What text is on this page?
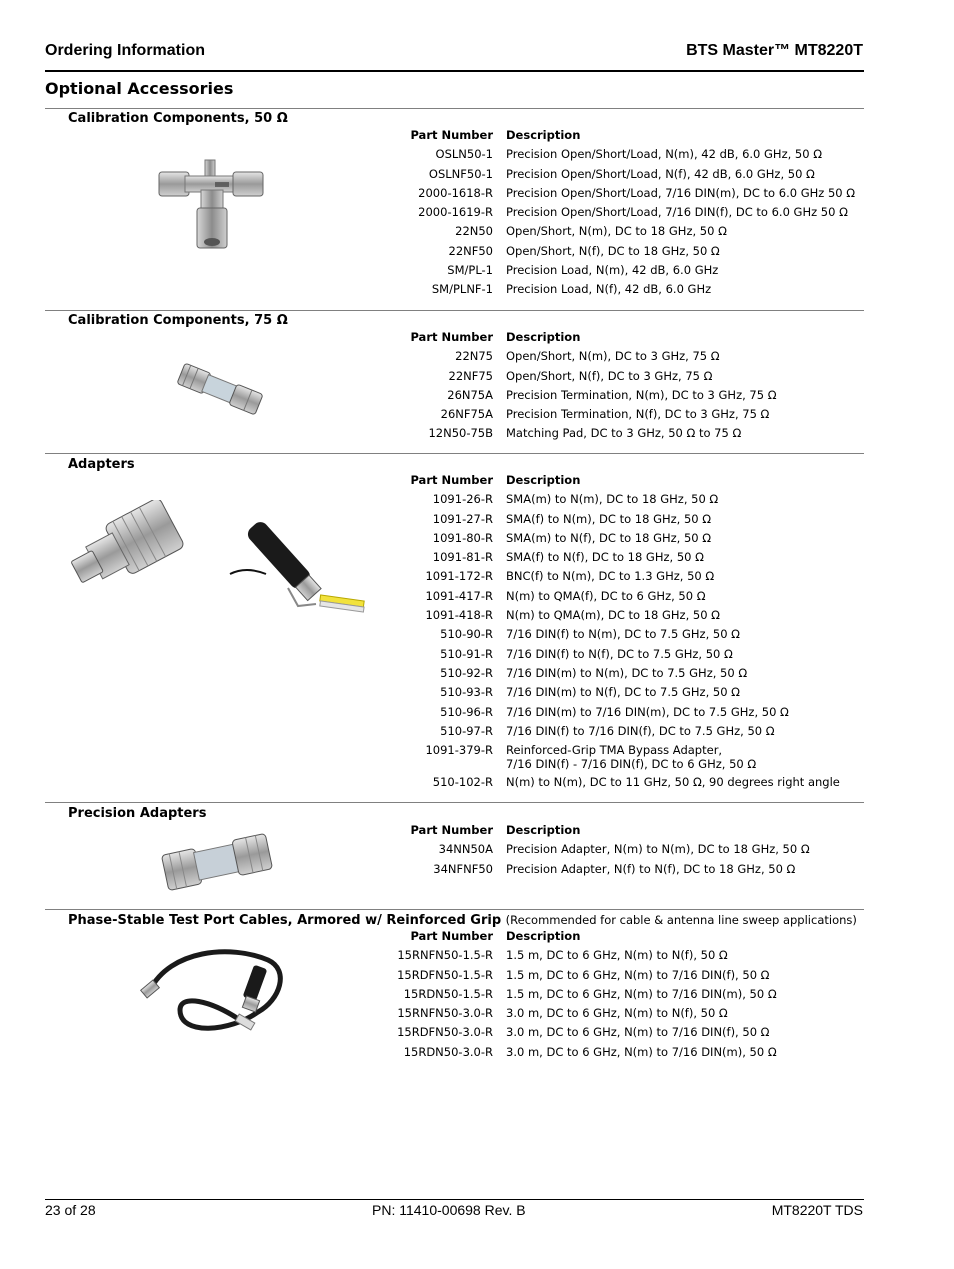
Ordering Information	BTS Master™ MT8220T
Optional Accessories
Calibration Components, 50 Ω
Part Number Description
OSLN50-1 Precision Open/Short/Load, N(m), 42 dB, 6.0 GHz, 50 Ω
OSLNF50-1 Precision Open/Short/Load, N(f), 42 dB, 6.0 GHz, 50 Ω
2000-1618-R Precision Open/Short/Load, 7/16 DIN(m), DC to 6.0 GHz 50 Ω
2000-1619-R Precision Open/Short/Load, 7/16 DIN(f), DC to 6.0 GHz 50 Ω
22N50 Open/Short, N(m), DC to 18 GHz, 50 Ω
22NF50 Open/Short, N(f), DC to 18 GHz, 50 Ω
SM/PL-1 Precision Load, N(m), 42 dB, 6.0 GHz
SM/PLNF-1 Precision Load, N(f), 42 dB, 6.0 GHz
Calibration Components, 75 Ω
Part Number Description
22N75 Open/Short, N(m), DC to 3 GHz, 75 Ω
22NF75 Open/Short, N(f), DC to 3 GHz, 75 Ω
26N75A Precision Termination, N(m), DC to 3 GHz, 75 Ω
26NF75A Precision Termination, N(f), DC to 3 GHz, 75 Ω
12N50-75B Matching Pad, DC to 3 GHz, 50 Ω to 75 Ω
Adapters
Part Number Description
1091-26-R SMA(m) to N(m), DC to 18 GHz, 50 Ω
1091-27-R SMA(f) to N(m), DC to 18 GHz, 50 Ω
1091-80-R SMA(m) to N(f), DC to 18 GHz, 50 Ω
1091-81-R SMA(f) to N(f), DC to 18 GHz, 50 Ω
1091-172-R BNC(f) to N(m), DC to 1.3 GHz, 50 Ω
1091-417-R N(m) to QMA(f), DC to 6 GHz, 50 Ω
1091-418-R N(m) to QMA(m), DC to 18 GHz, 50 Ω
510-90-R 7/16 DIN(f) to N(m), DC to 7.5 GHz, 50 Ω
510-91-R 7/16 DIN(f) to N(f), DC to 7.5 GHz, 50 Ω
510-92-R 7/16 DIN(m) to N(m), DC to 7.5 GHz, 50 Ω
510-93-R 7/16 DIN(m) to N(f), DC to 7.5 GHz, 50 Ω
510-96-R 7/16 DIN(m) to 7/16 DIN(m), DC to 7.5 GHz, 50 Ω
510-97-R 7/16 DIN(f) to 7/16 DIN(f), DC to 7.5 GHz, 50 Ω
1091-379-R Reinforced-Grip TMA Bypass Adapter,
7/16 DIN(f) - 7/16 DIN(f), DC to 6 GHz, 50 Ω
510-102-R N(m) to N(m), DC to 11 GHz, 50 Ω, 90 degrees right angle
Precision Adapters
Part Number Description
34NN50A Precision Adapter, N(m) to N(m), DC to 18 GHz, 50 Ω
34NFNF50 Precision Adapter, N(f) to N(f), DC to 18 GHz, 50 Ω
Phase-Stable Test Port Cables, Armored w/ Reinforced Grip (Recommended for cable & antenna line sweep applications)
Part Number Description
15RNFN50-1.5-R 1.5 m, DC to 6 GHz, N(m) to N(f), 50 Ω
15RDFN50-1.5-R 1.5 m, DC to 6 GHz, N(m) to 7/16 DIN(f), 50 Ω
15RDN50-1.5-R 1.5 m, DC to 6 GHz, N(m) to 7/16 DIN(m), 50 Ω
15RNFN50-3.0-R 3.0 m, DC to 6 GHz, N(m) to N(f), 50 Ω
15RDFN50-3.0-R 3.0 m, DC to 6 GHz, N(m) to 7/16 DIN(f), 50 Ω
15RDN50-3.0-R 3.0 m, DC to 6 GHz, N(m) to 7/16 DIN(m), 50 Ω
23 of 28	PN: 11410-00698 Rev. B	MT8220T TDS
